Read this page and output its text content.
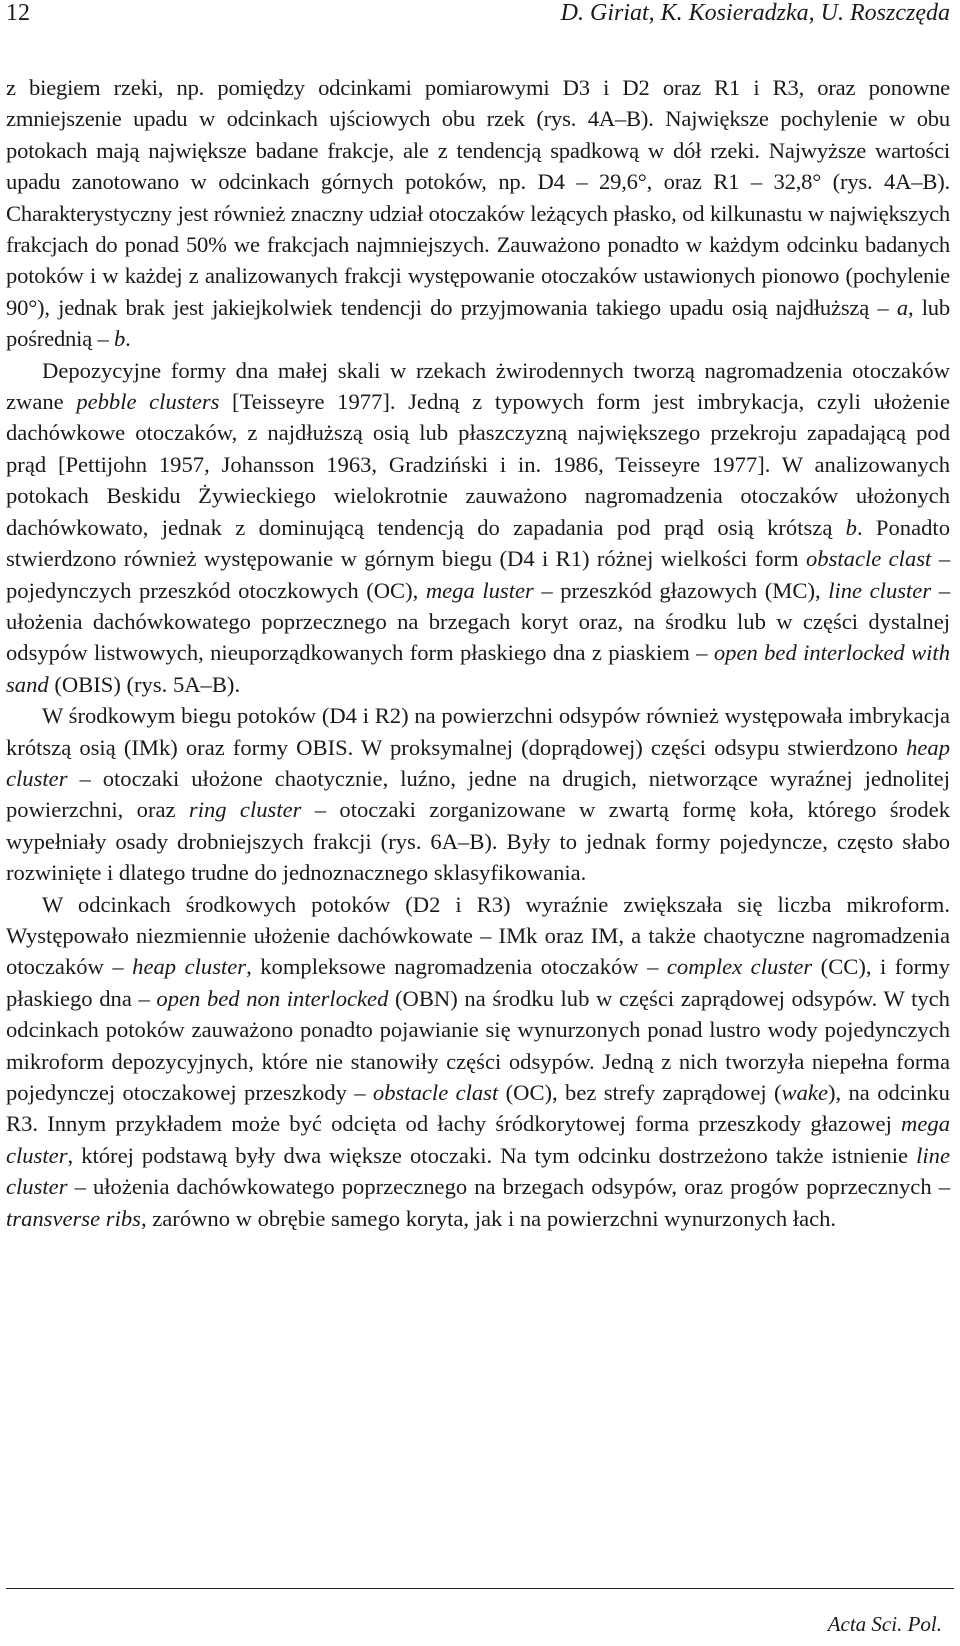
12	D. Giriat, K. Kosieradzka, U. Roszczęda

z biegiem rzeki, np. pomiędzy odcinkami pomiarowymi D3 i D2 oraz R1 i R3, oraz ponowne zmniejszenie upadu w odcinkach ujściowych obu rzek (rys. 4A–B). Największe pochylenie w obu potokach mają największe badane frakcje, ale z tendencją spadkową w dół rzeki. Najwyższe wartości upadu zanotowano w odcinkach górnych potoków, np. D4 – 29,6°, oraz R1 – 32,8° (rys. 4A–B). Charakterystyczny jest również znaczny udział otoczaków leżących płasko, od kilkunastu w największych frakcjach do ponad 50% we frakcjach najmniejszych. Zauważono ponadto w każdym odcinku badanych potoków i w każdej z analizowanych frakcji występowanie otoczaków ustawionych pionowo (pochylenie 90°), jednak brak jest jakiejkolwiek tendencji do przyjmowania takiego upadu osią najdłuższą – a, lub pośrednią – b.

Depozycyjne formy dna małej skali w rzekach żwirodennych tworzą nagromadzenia otoczaków zwane pebble clusters [Teisseyre 1977]. Jedną z typowych form jest imbrykacja, czyli ułożenie dachówkowe otoczaków, z najdłuższą osią lub płaszczyzną największego przekroju zapadającą pod prąd [Pettijohn 1957, Johansson 1963, Gradziński i in. 1986, Teisseyre 1977]. W analizowanych potokach Beskidu Żywieckiego wielokrotnie zauważono nagromadzenia otoczaków ułożonych dachówkowato, jednak z dominującą tendencją do zapadania pod prąd osią krótszą b. Ponadto stwierdzono również występowanie w górnym biegu (D4 i R1) różnej wielkości form obstacle clast – pojedynczych przeszkód otoczkowych (OC), mega luster – przeszkód głazowych (MC), line cluster – ułożenia dachówkowatego poprzecznego na brzegach koryt oraz, na środku lub w części dystalnej odsypów listwowych, nieuporządkowanych form płaskiego dna z piaskiem – open bed interlocked with sand (OBIS) (rys. 5A–B).

W środkowym biegu potoków (D4 i R2) na powierzchni odsypów również występowała imbrykacja krótszą osią (IMk) oraz formy OBIS. W proksymalnej (doprądowej) części odsypu stwierdzono heap cluster – otoczaki ułożone chaotycznie, luźno, jedne na drugich, nietworzące wyraźnej jednolitej powierzchni, oraz ring cluster – otoczaki zorganizowane w zwartą formę koła, którego środek wypełniały osady drobniejszych frakcji (rys. 6A–B). Były to jednak formy pojedyncze, często słabo rozwinięte i dlatego trudne do jednoznacznego sklasyfikowania.

W odcinkach środkowych potoków (D2 i R3) wyraźnie zwiększała się liczba mikroform. Występowało niezmiennie ułożenie dachówkowate – IMk oraz IM, a także chaotyczne nagromadzenia otoczaków – heap cluster, kompleksowe nagromadzenia otoczaków – complex cluster (CC), i formy płaskiego dna – open bed non interlocked (OBN) na środku lub w części zaprądowej odsypów. W tych odcinkach potoków zauważono ponadto pojawianie się wynurzonych ponad lustro wody pojedynczych mikroform depozycyjnych, które nie stanowiły części odsypów. Jedną z nich tworzyła niepełna forma pojedynczej otoczakowej przeszkody – obstacle clast (OC), bez strefy zaprądowej (wake), na odcinku R3. Innym przykładem może być odcięta od łachy śródkorytowej forma przeszkody głazowej mega cluster, której podstawą były dwa większe otoczaki. Na tym odcinku dostrzeżono także istnienie line cluster – ułożenia dachówkowatego poprzecznego na brzegach odsypów, oraz progów poprzecznych – transverse ribs, zarówno w obrębie samego koryta, jak i na powierzchni wynurzonych łach.

Acta Sci. Pol.
